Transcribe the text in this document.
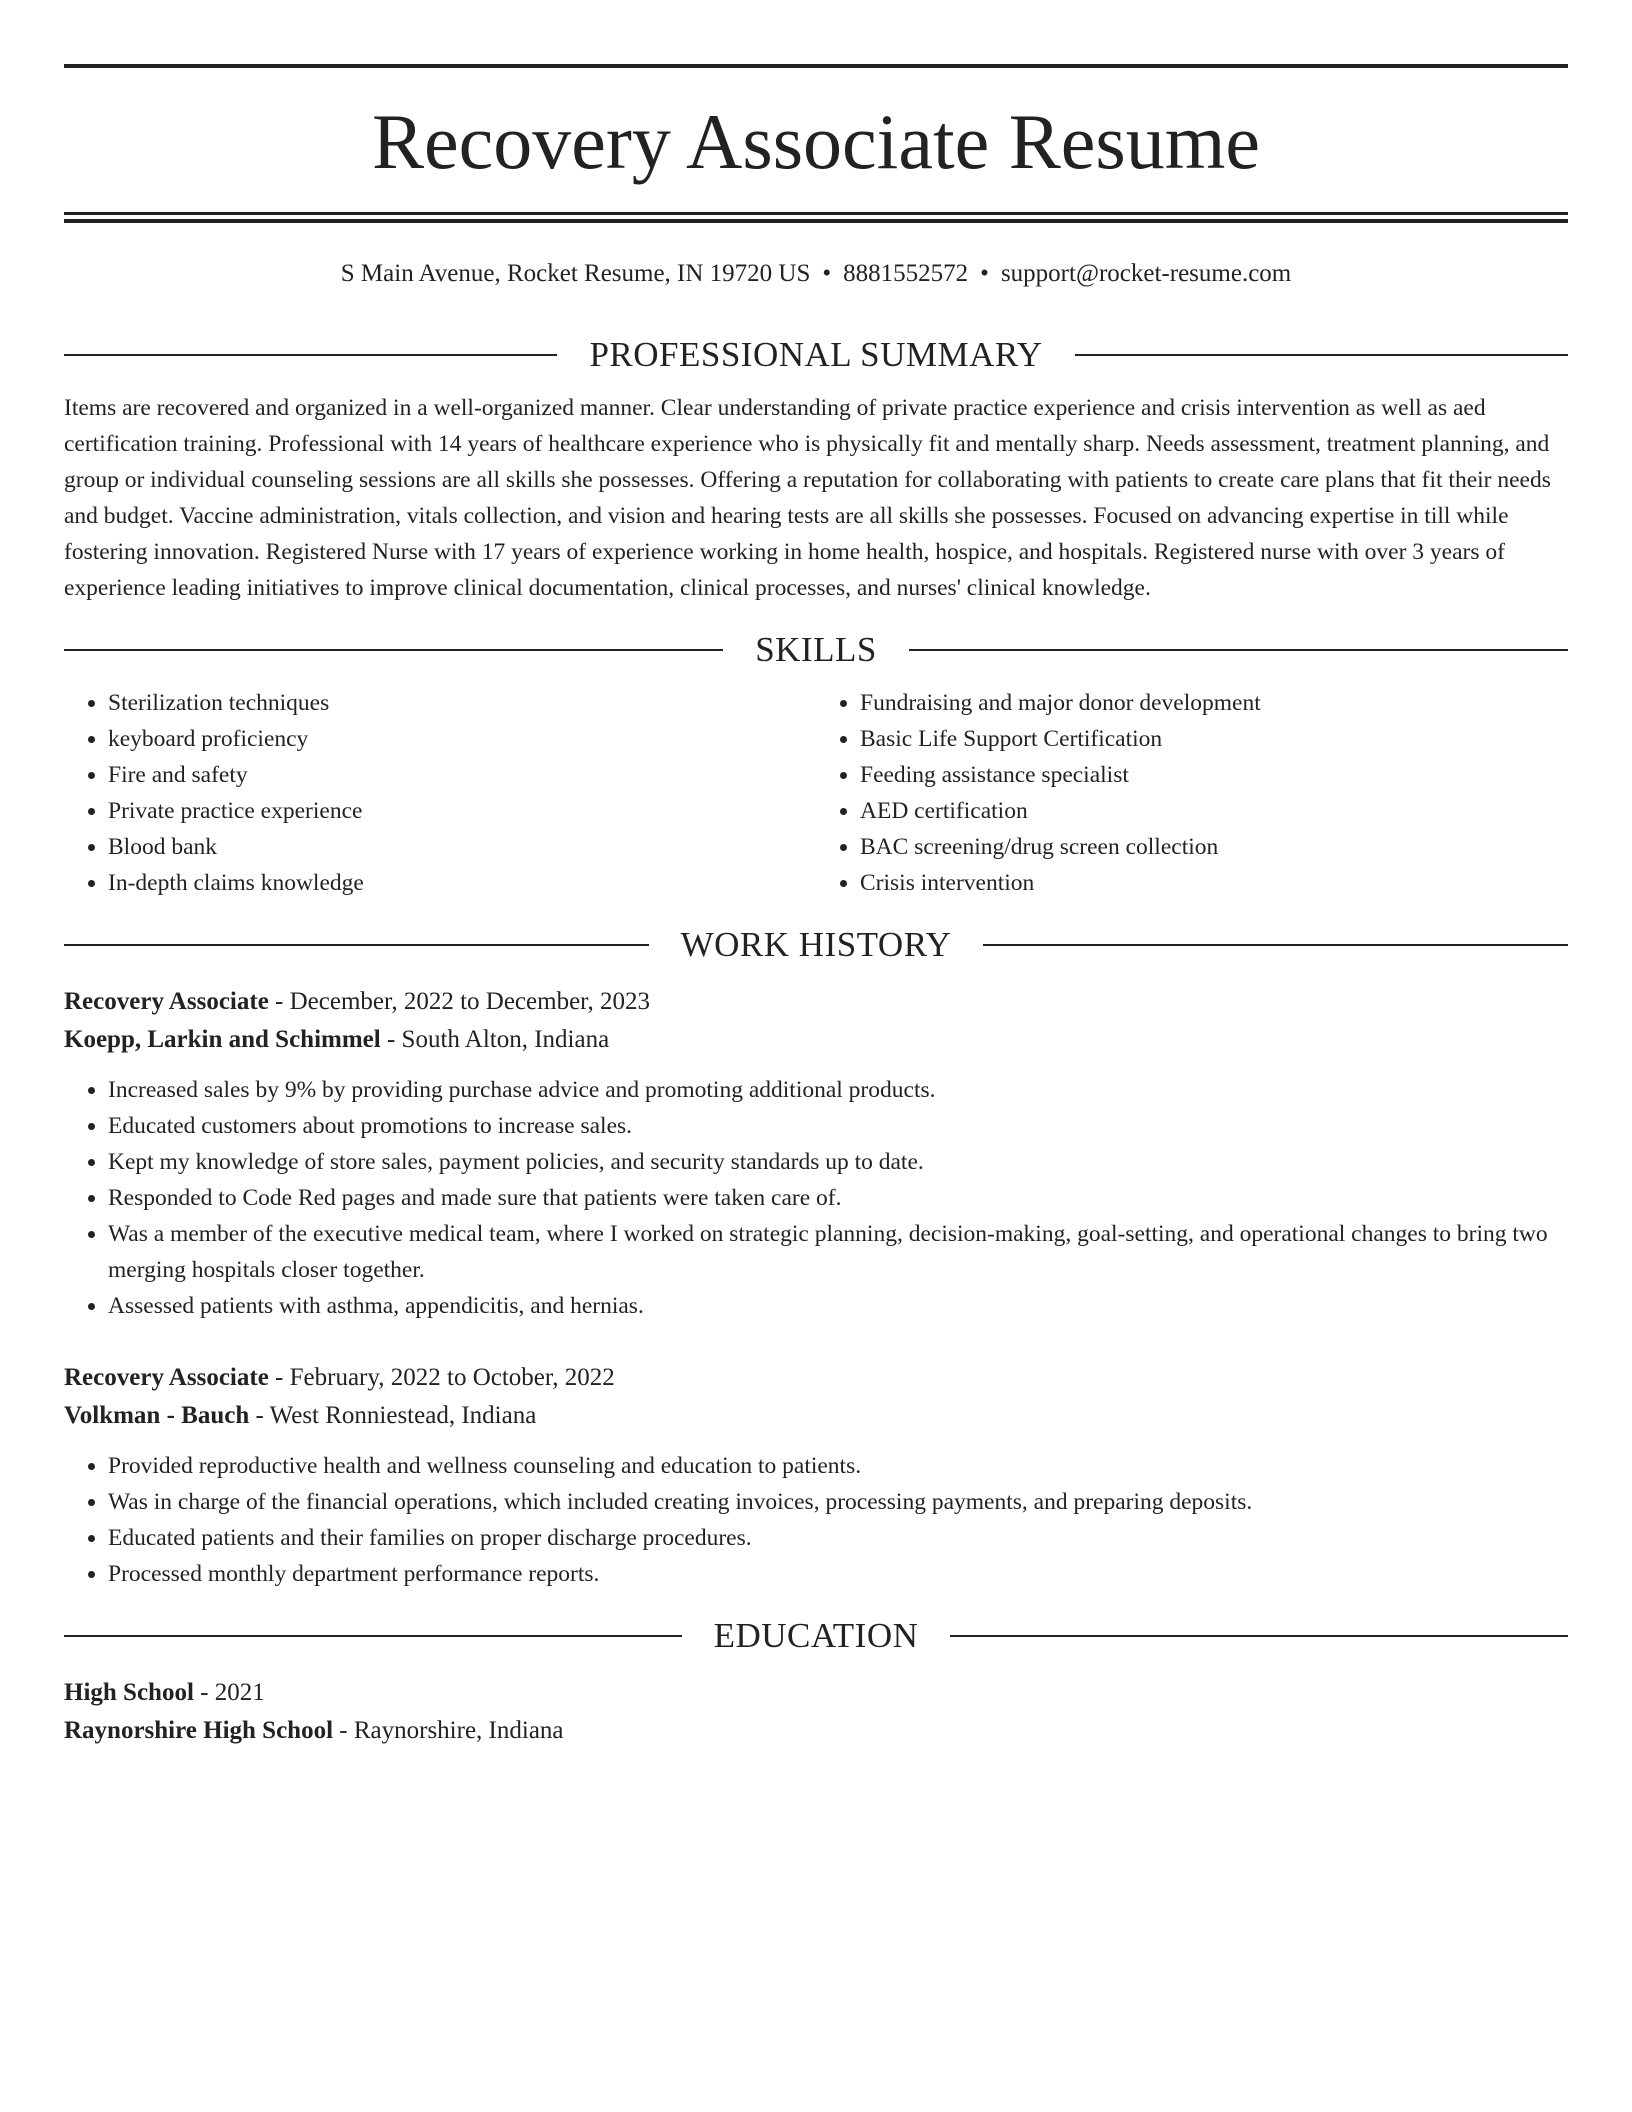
Recovery Associate Resume
S Main Avenue, Rocket Resume, IN 19720 US • 8881552572 • support@rocket-resume.com
PROFESSIONAL SUMMARY
Items are recovered and organized in a well-organized manner. Clear understanding of private practice experience and crisis intervention as well as aed certification training. Professional with 14 years of healthcare experience who is physically fit and mentally sharp. Needs assessment, treatment planning, and group or individual counseling sessions are all skills she possesses. Offering a reputation for collaborating with patients to create care plans that fit their needs and budget. Vaccine administration, vitals collection, and vision and hearing tests are all skills she possesses. Focused on advancing expertise in till while fostering innovation. Registered Nurse with 17 years of experience working in home health, hospice, and hospitals. Registered nurse with over 3 years of experience leading initiatives to improve clinical documentation, clinical processes, and nurses' clinical knowledge.
SKILLS
• Sterilization techniques
• keyboard proficiency
• Fire and safety
• Private practice experience
• Blood bank
• In-depth claims knowledge
• Fundraising and major donor development
• Basic Life Support Certification
• Feeding assistance specialist
• AED certification
• BAC screening/drug screen collection
• Crisis intervention
WORK HISTORY
Recovery Associate - December, 2022 to December, 2023
Koepp, Larkin and Schimmel - South Alton, Indiana
• Increased sales by 9% by providing purchase advice and promoting additional products.
• Educated customers about promotions to increase sales.
• Kept my knowledge of store sales, payment policies, and security standards up to date.
• Responded to Code Red pages and made sure that patients were taken care of.
• Was a member of the executive medical team, where I worked on strategic planning, decision-making, goal-setting, and operational changes to bring two merging hospitals closer together.
• Assessed patients with asthma, appendicitis, and hernias.
Recovery Associate - February, 2022 to October, 2022
Volkman - Bauch - West Ronniestead, Indiana
• Provided reproductive health and wellness counseling and education to patients.
• Was in charge of the financial operations, which included creating invoices, processing payments, and preparing deposits.
• Educated patients and their families on proper discharge procedures.
• Processed monthly department performance reports.
EDUCATION
High School - 2021
Raynorshire High School - Raynorshire, Indiana
